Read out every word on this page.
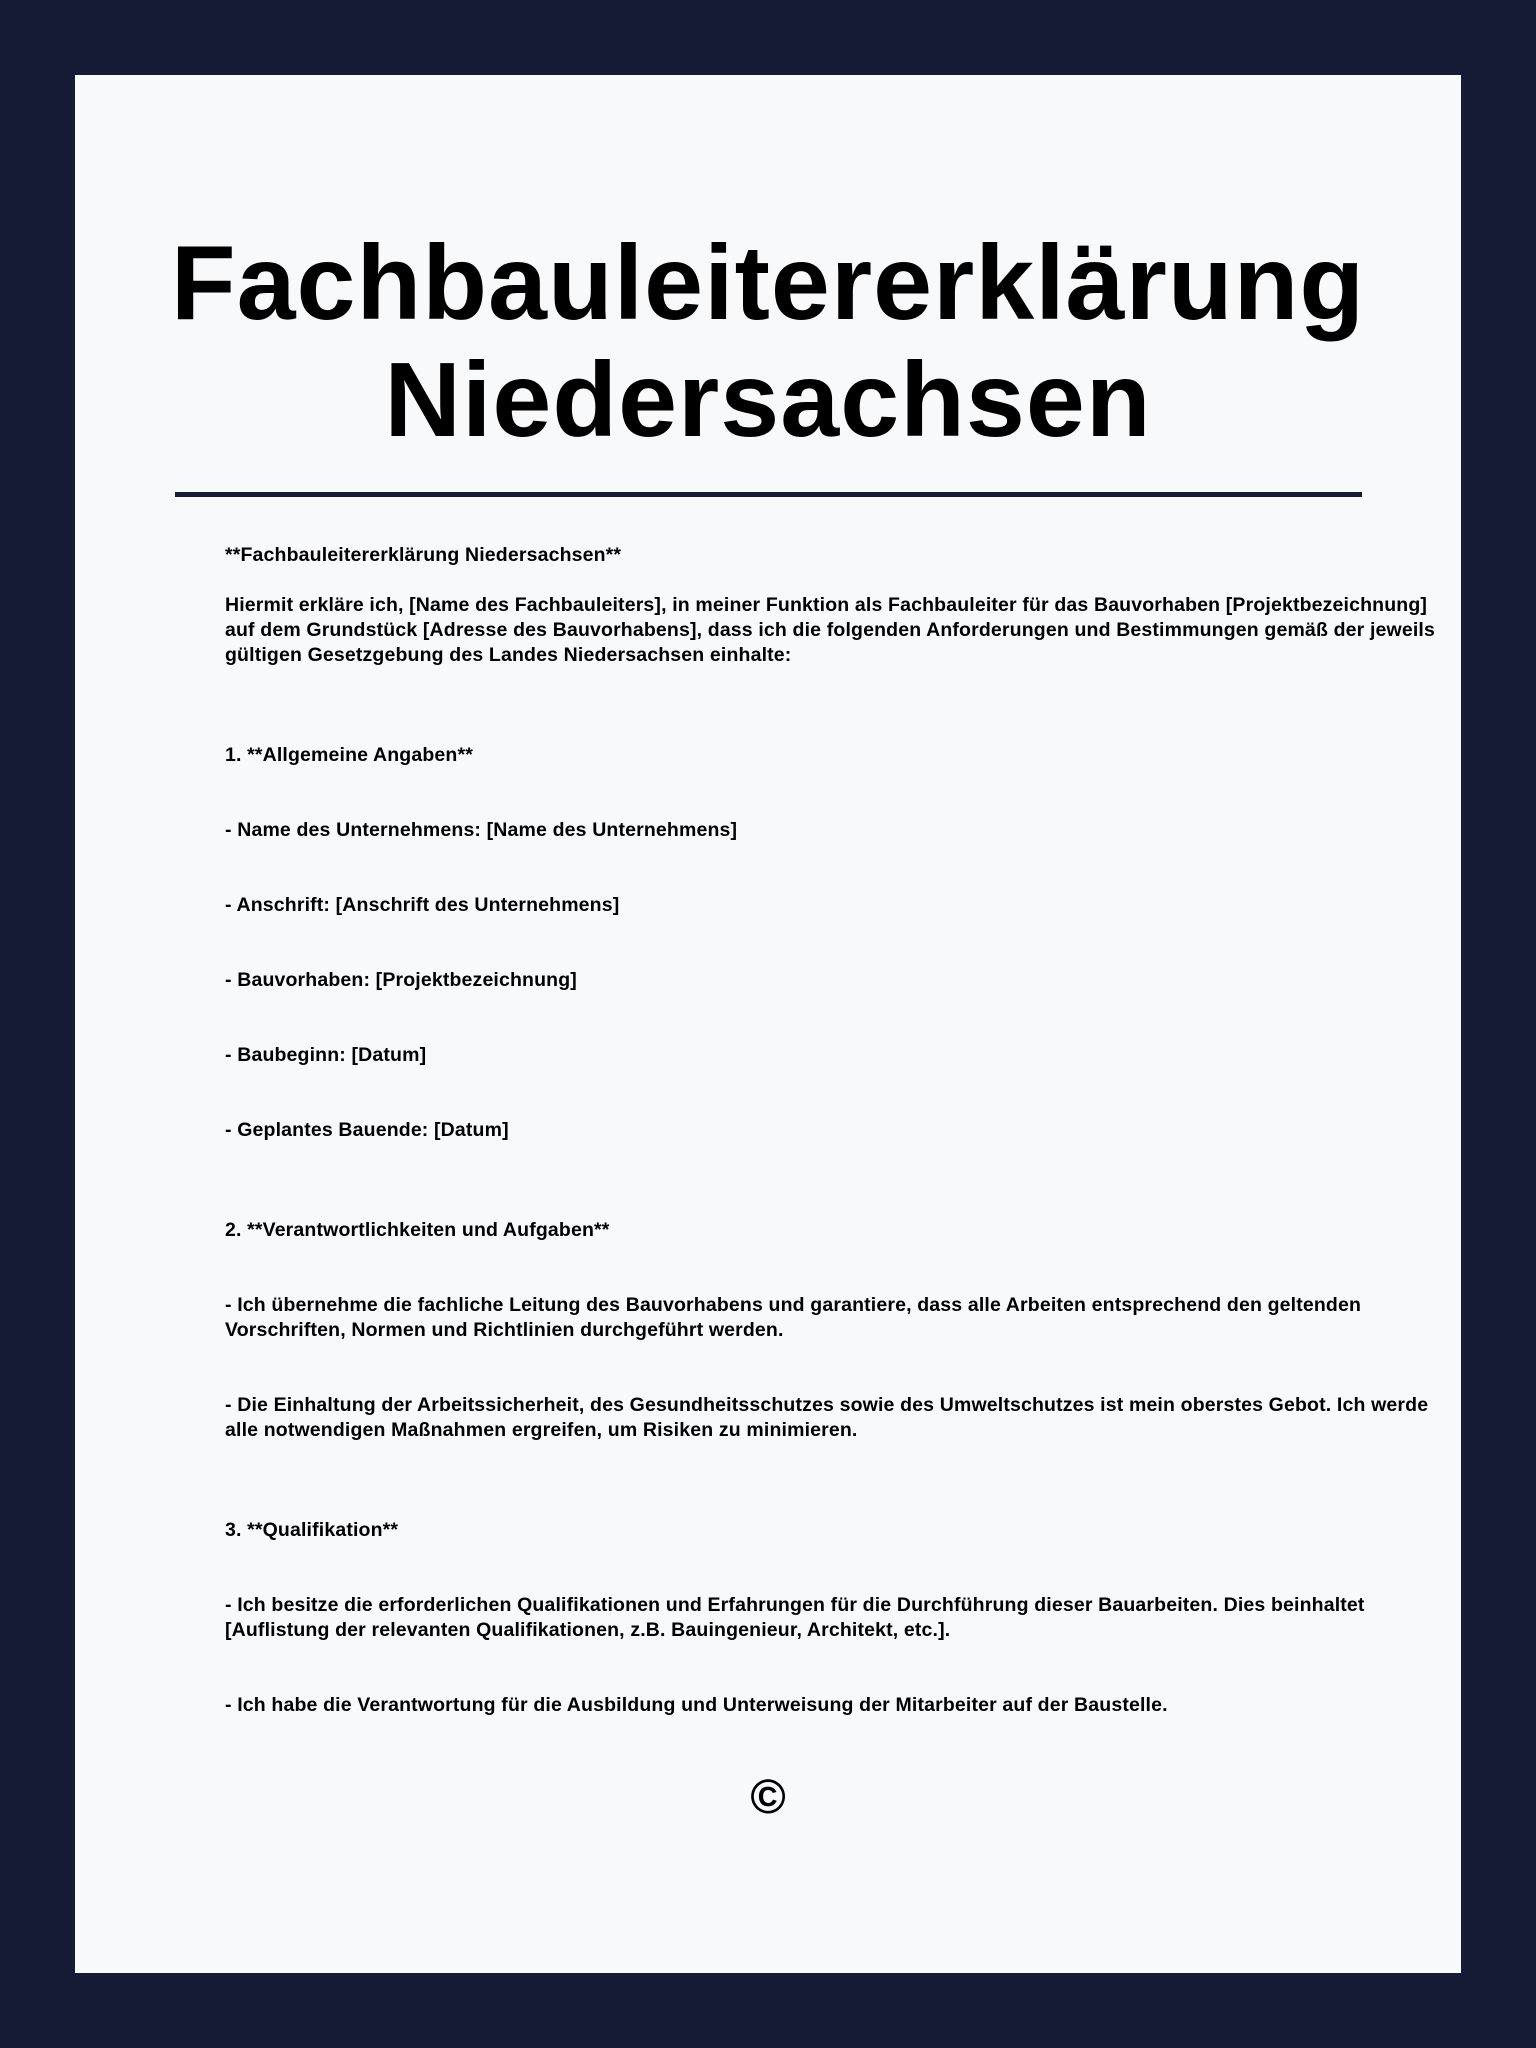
Fachbauleitererklärung
Niedersachsen

**Fachbauleitererklärung Niedersachsen**

Hiermit erkläre ich, [Name des Fachbauleiters], in meiner Funktion als Fachbauleiter für das Bauvorhaben [Projektbezeichnung] auf dem Grundstück [Adresse des Bauvorhabens], dass ich die folgenden Anforderungen und Bestimmungen gemäß der jeweils gültigen Gesetzgebung des Landes Niedersachsen einhalte:

1. **Allgemeine Angaben**

- Name des Unternehmens: [Name des Unternehmens]

- Anschrift: [Anschrift des Unternehmens]

- Bauvorhaben: [Projektbezeichnung]

- Baubeginn: [Datum]

- Geplantes Bauende: [Datum]

2. **Verantwortlichkeiten und Aufgaben**

- Ich übernehme die fachliche Leitung des Bauvorhabens und garantiere, dass alle Arbeiten entsprechend den geltenden Vorschriften, Normen und Richtlinien durchgeführt werden.

- Die Einhaltung der Arbeitssicherheit, des Gesundheitsschutzes sowie des Umweltschutzes ist mein oberstes Gebot. Ich werde alle notwendigen Maßnahmen ergreifen, um Risiken zu minimieren.

3. **Qualifikation**

- Ich besitze die erforderlichen Qualifikationen und Erfahrungen für die Durchführung dieser Bauarbeiten. Dies beinhaltet [Auflistung der relevanten Qualifikationen, z.B. Bauingenieur, Architekt, etc.].

- Ich habe die Verantwortung für die Ausbildung und Unterweisung der Mitarbeiter auf der Baustelle.

©
